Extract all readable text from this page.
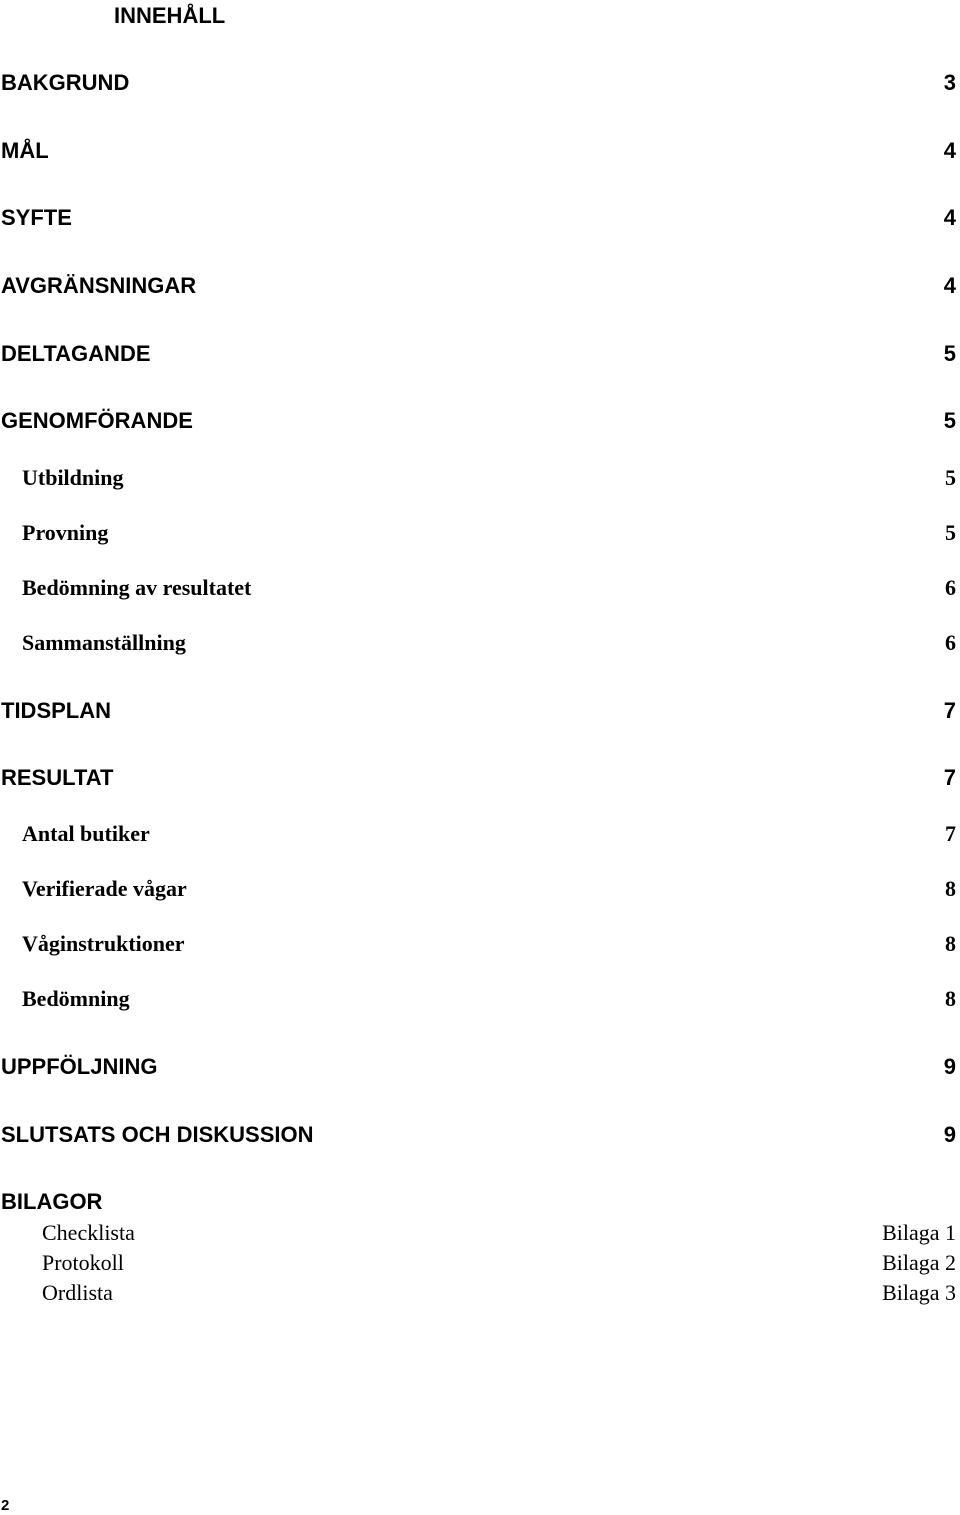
INNEHÅLL
BAKGRUND	3
MÅL	4
SYFTE	4
AVGRÄNSNINGAR	4
DELTAGANDE	5
GENOMFÖRANDE	5
Utbildning	5
Provning	5
Bedömning av resultatet	6
Sammanställning	6
TIDSPLAN	7
RESULTAT	7
Antal butiker	7
Verifierade vågar	8
Våginstruktioner	8
Bedömning	8
UPPFÖLJNING	9
SLUTSATS OCH DISKUSSION	9
BILAGOR
Checklista	Bilaga 1
Protokoll	Bilaga 2
Ordlista	Bilaga 3
2
